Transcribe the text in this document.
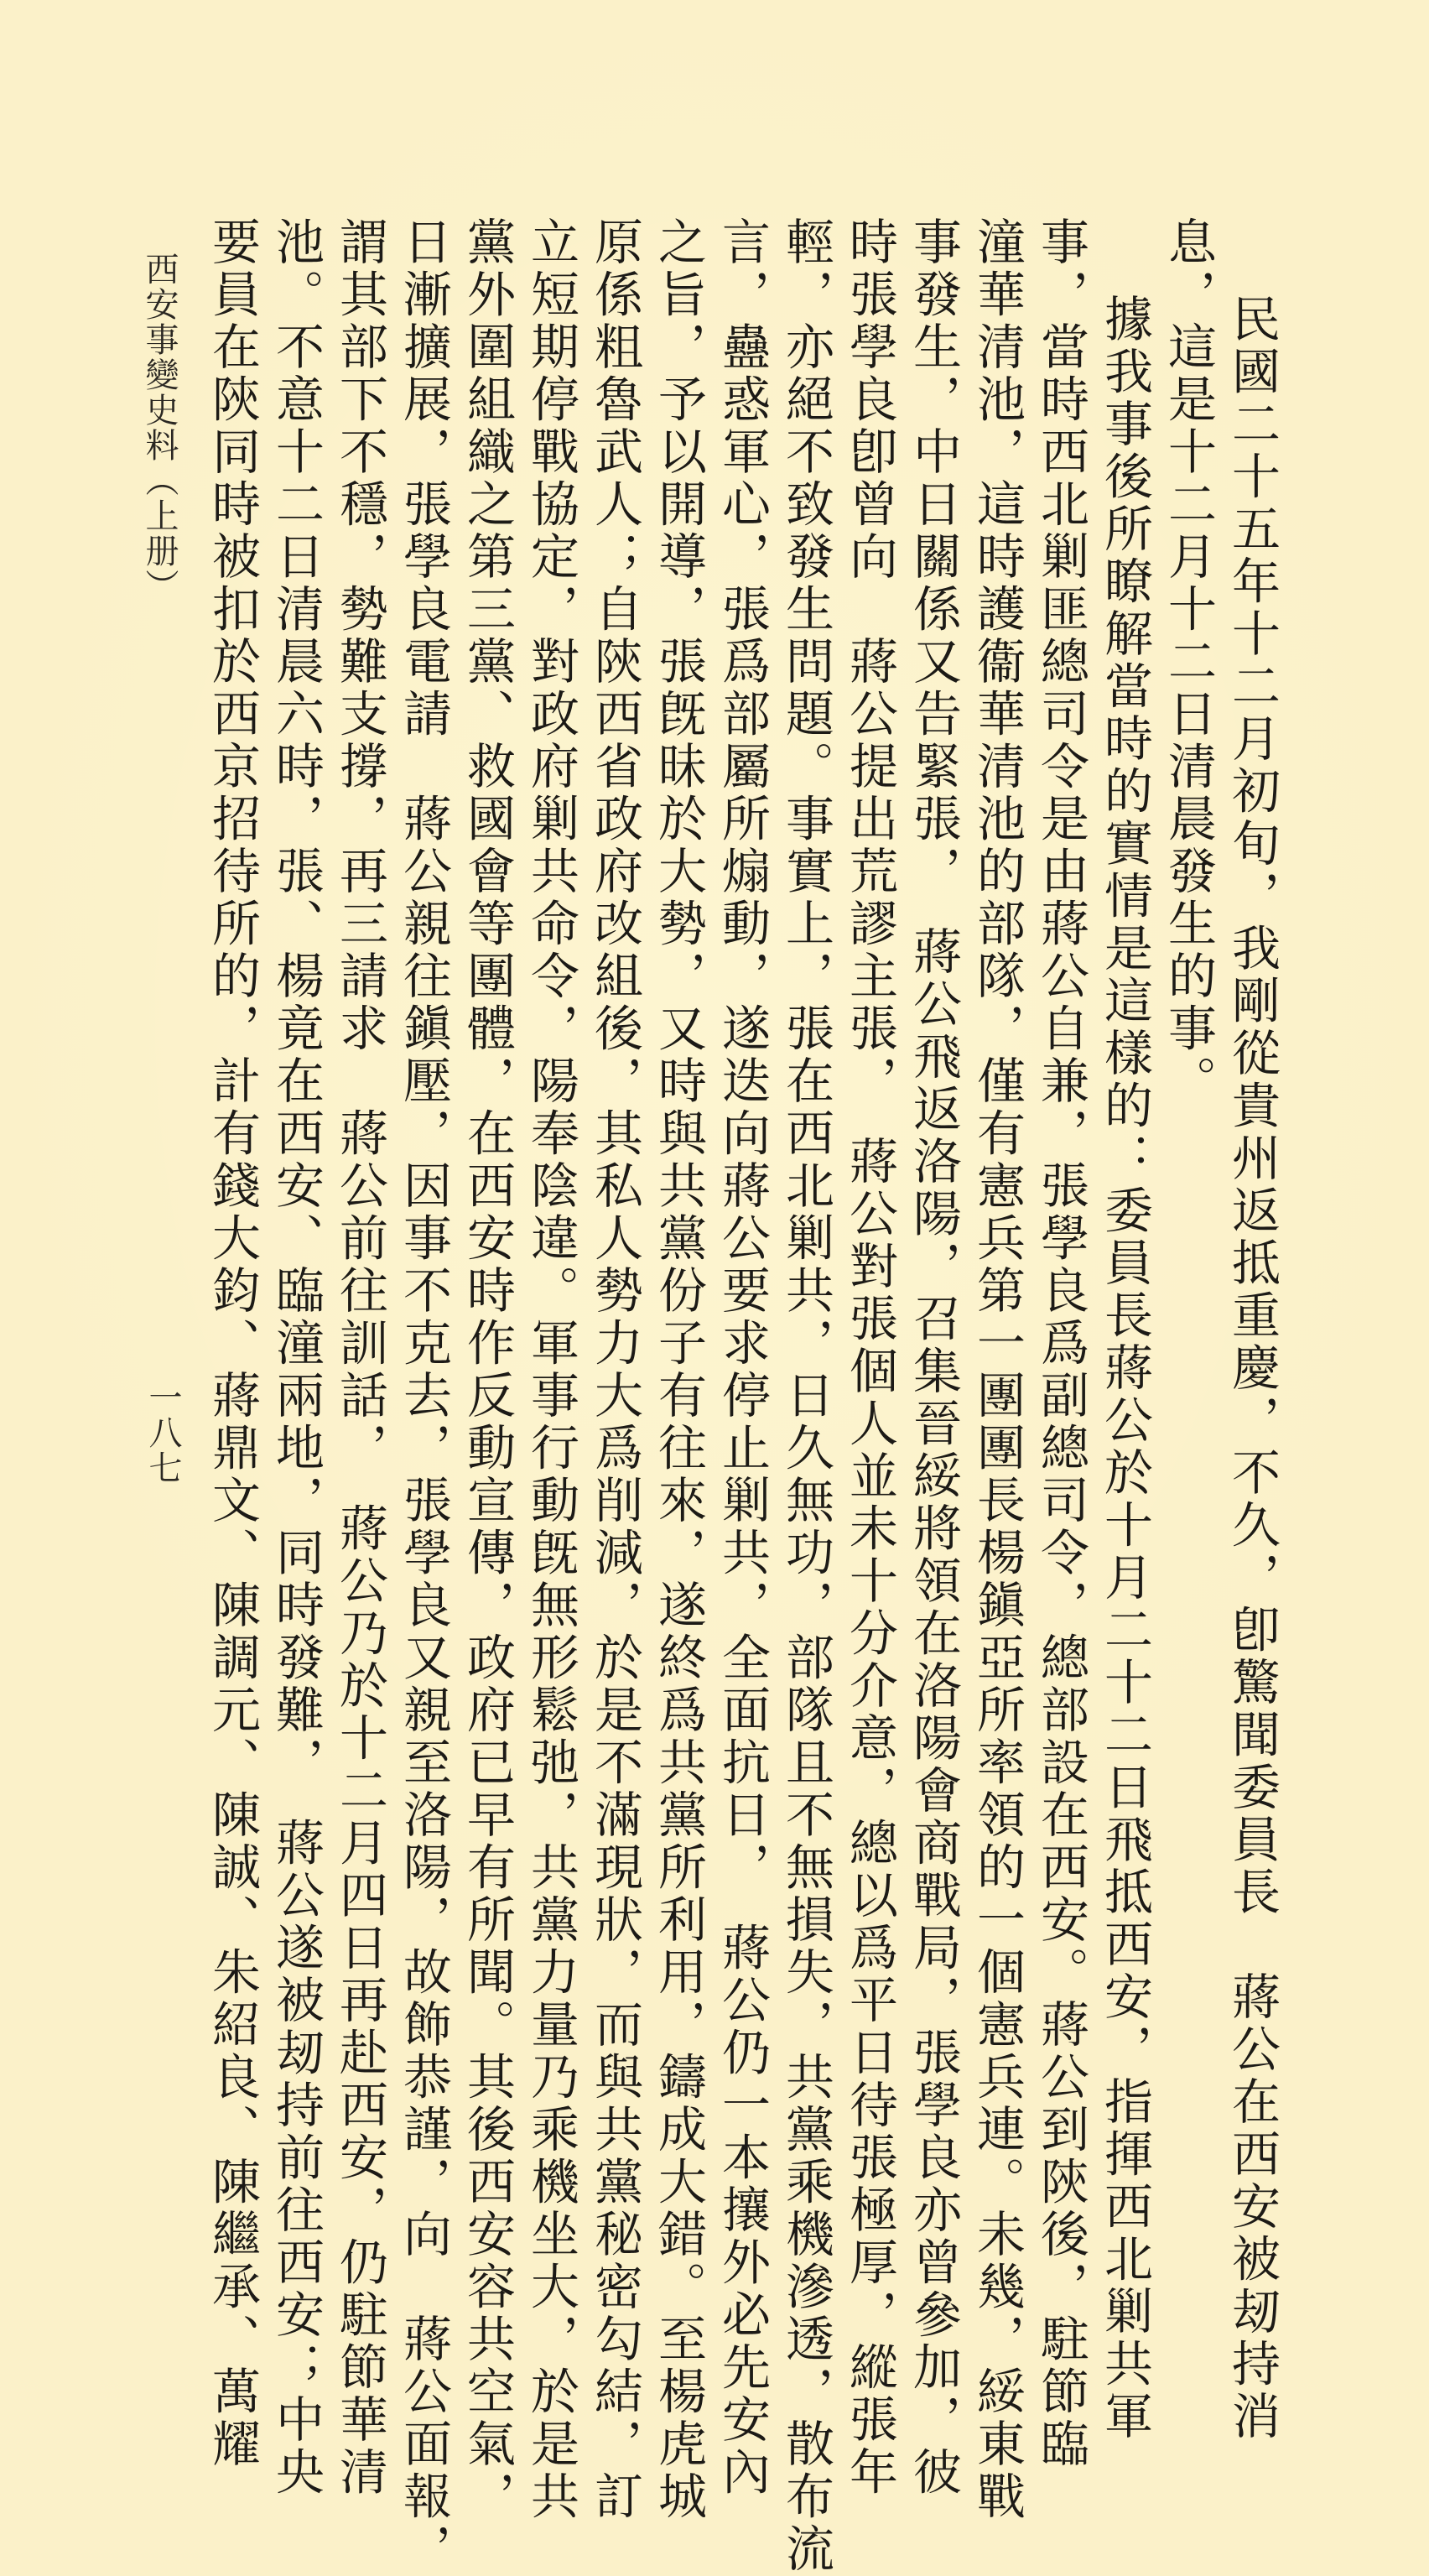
民國二十五年十二月初旬，我剛從貴州返抵重慶，不久，卽驚聞委員長　蔣公在西安被刼持消
息，這是十二月十二日清晨發生的事。
據我事後所瞭解當時的實情是這樣的：委員長蔣公於十月二十二日飛抵西安，指揮西北剿共軍
事，當時西北剿匪總司令是由蔣公自兼，張學良爲副總司令，總部設在西安。蔣公到陝後，駐節臨
潼華清池，這時護衞華清池的部隊，僅有憲兵第一團團長楊鎭亞所率領的一個憲兵連。未幾，綏東戰
事發生，中日關係又告緊張，　蔣公飛返洛陽，召集晉綏將領在洛陽會商戰局，張學良亦曾參加，彼
時張學良卽曾向　蔣公提出荒謬主張，　蔣公對張個人並未十分介意，總以爲平日待張極厚，縱張年
輕，亦絕不致發生問題。事實上，張在西北剿共，日久無功，部隊且不無損失，共黨乘機滲透，散布流
言，蠱惑軍心，張爲部屬所煽動，遂迭向蔣公要求停止剿共，全面抗日，　蔣公仍一本攘外必先安內
之旨，予以開導，張旣昧於大勢，又時與共黨份子有往來，遂終爲共黨所利用，鑄成大錯。至楊虎城
原係粗魯武人；自陝西省政府改組後，其私人勢力大爲削減，於是不滿現狀，而與共黨秘密勾結，訂
立短期停戰協定，對政府剿共命令，陽奉陰違。軍事行動旣無形鬆弛，共黨力量乃乘機坐大，於是共
黨外圍組織之第三黨、救國會等團體，在西安時作反動宣傳，政府已早有所聞。其後西安容共空氣，
日漸擴展，張學良電請　蔣公親往鎭壓，因事不克去，張學良又親至洛陽，故飾恭謹，向　蔣公面報，
謂其部下不穩，勢難支撐，再三請求　蔣公前往訓話，　蔣公乃於十二月四日再赴西安，仍駐節華清
池。不意十二日清晨六時，張、楊竟在西安、臨潼兩地，同時發難，　蔣公遂被刼持前往西安；中央
要員在陝同時被扣於西京招待所的，計有錢大鈞、蔣鼎文、陳調元、陳誠、朱紹良、陳繼承、萬耀
西安事變史料（上册）
一八七
